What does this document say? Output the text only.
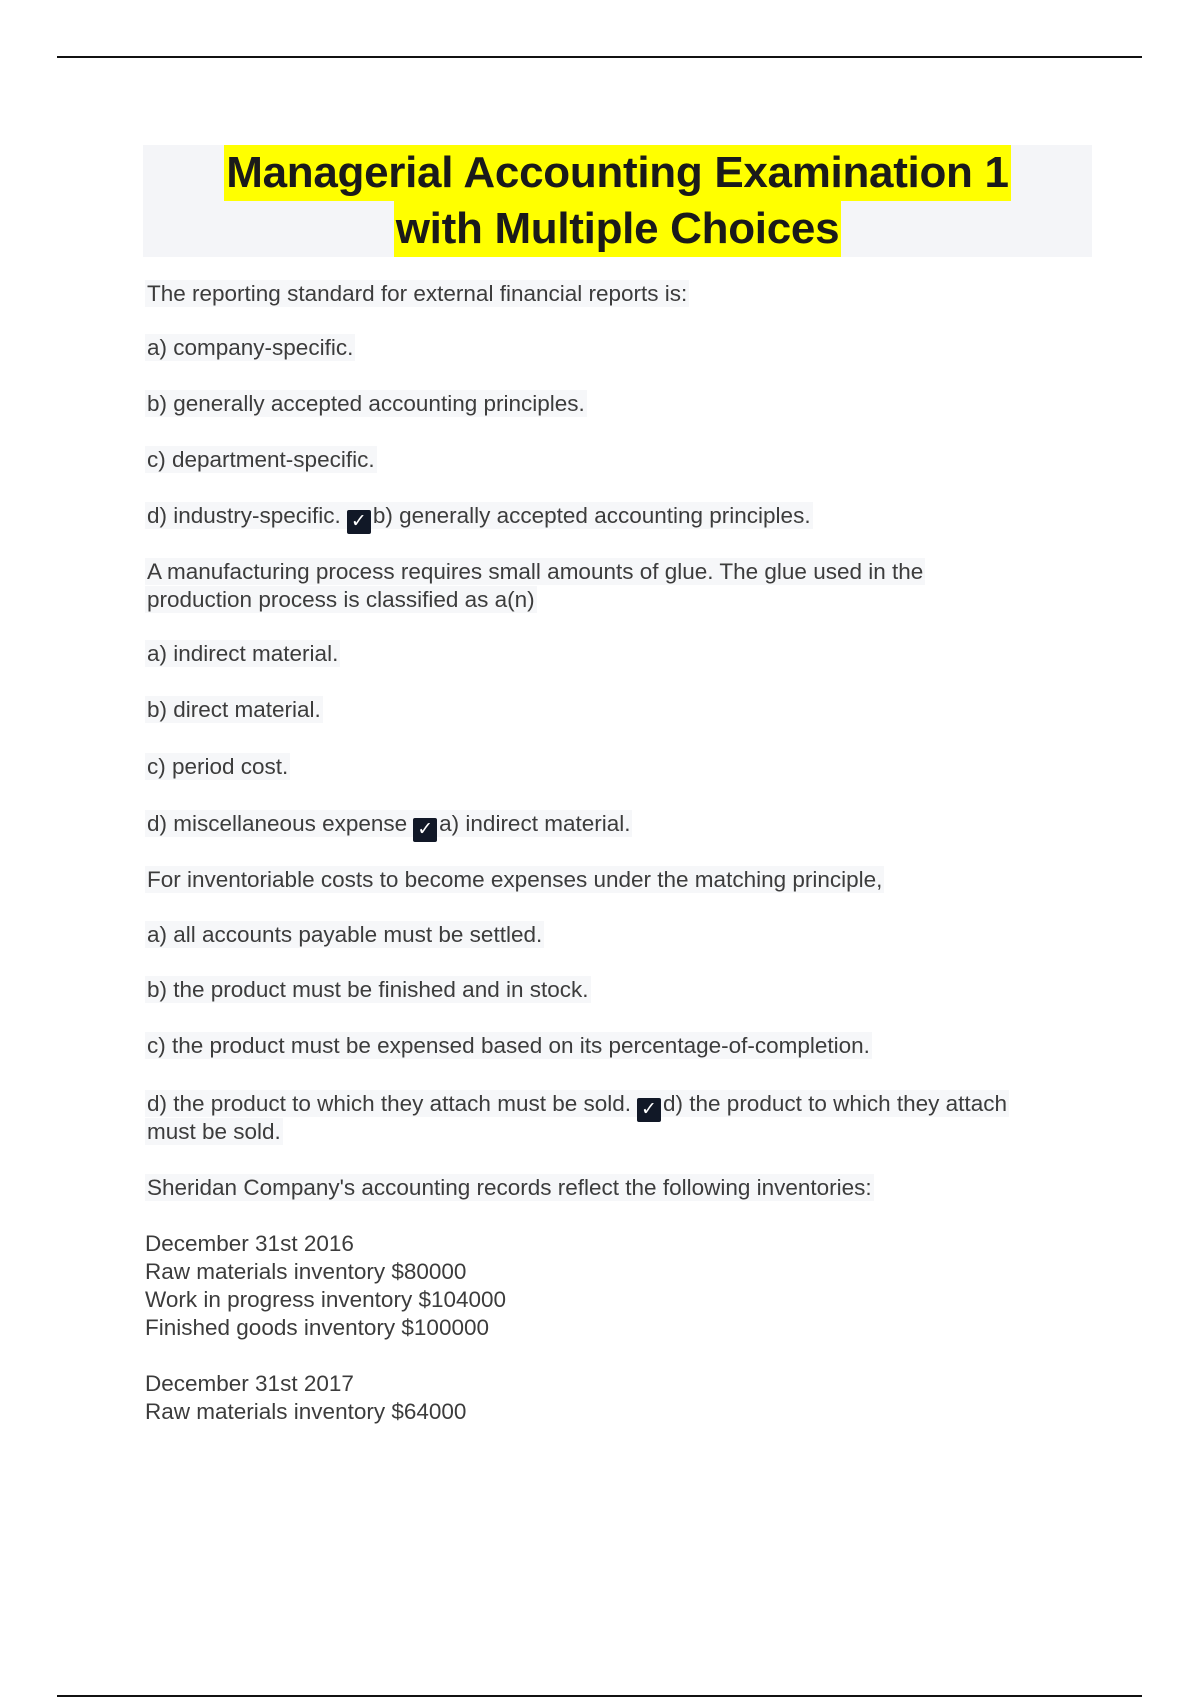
Managerial Accounting Examination 1
with Multiple Choices
The reporting standard for external financial reports is:
a) company-specific.
b) generally accepted accounting principles.
c) department-specific.
d) industry-specific. ✓ b) generally accepted accounting principles.
A manufacturing process requires small amounts of glue. The glue used in the
production process is classified as a(n)
a) indirect material.
b) direct material.
c) period cost.
d) miscellaneous expense ✓ a) indirect material.
For inventoriable costs to become expenses under the matching principle,
a) all accounts payable must be settled.
b) the product must be finished and in stock.
c) the product must be expensed based on its percentage-of-completion.
d) the product to which they attach must be sold. ✓ d) the product to which they attach
must be sold.
Sheridan Company's accounting records reflect the following inventories:
December 31st 2016
Raw materials inventory $80000
Work in progress inventory $104000
Finished goods inventory $100000
December 31st 2017
Raw materials inventory $64000
